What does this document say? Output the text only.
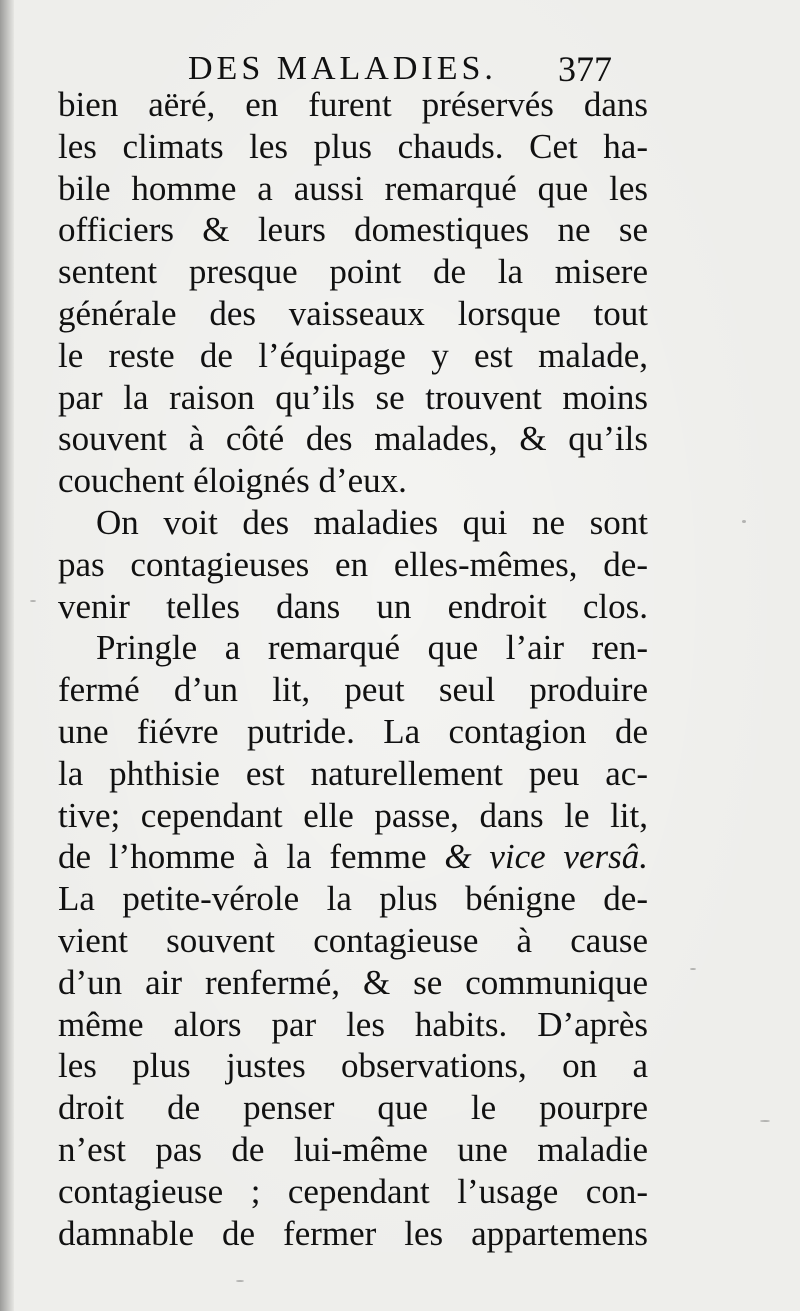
DES MALADIES. 377
bien aëré, en furent préservés dans
les climats les plus chauds. Cet ha-
bile homme a aussi remarqué que les
officiers & leurs domestiques ne se
sentent presque point de la misere
générale des vaisseaux lorsque tout
le reste de l’équipage y est malade,
par la raison qu’ils se trouvent moins
souvent à côté des malades, & qu’ils
couchent éloignés d’eux.
On voit des maladies qui ne sont
pas contagieuses en elles-mêmes, de-
venir telles dans un endroit clos.
Pringle a remarqué que l’air ren-
fermé d’un lit, peut seul produire
une fiévre putride. La contagion de
la phthisie est naturellement peu ac-
tive; cependant elle passe, dans le lit,
de l’homme à la femme & vice versâ.
La petite-vérole la plus bénigne de-
vient souvent contagieuse à cause
d’un air renfermé, & se communique
même alors par les habits. D’après
les plus justes observations, on a
droit de penser que le pourpre
n’est pas de lui-même une maladie
contagieuse ; cependant l’usage con-
damnable de fermer les appartemens
